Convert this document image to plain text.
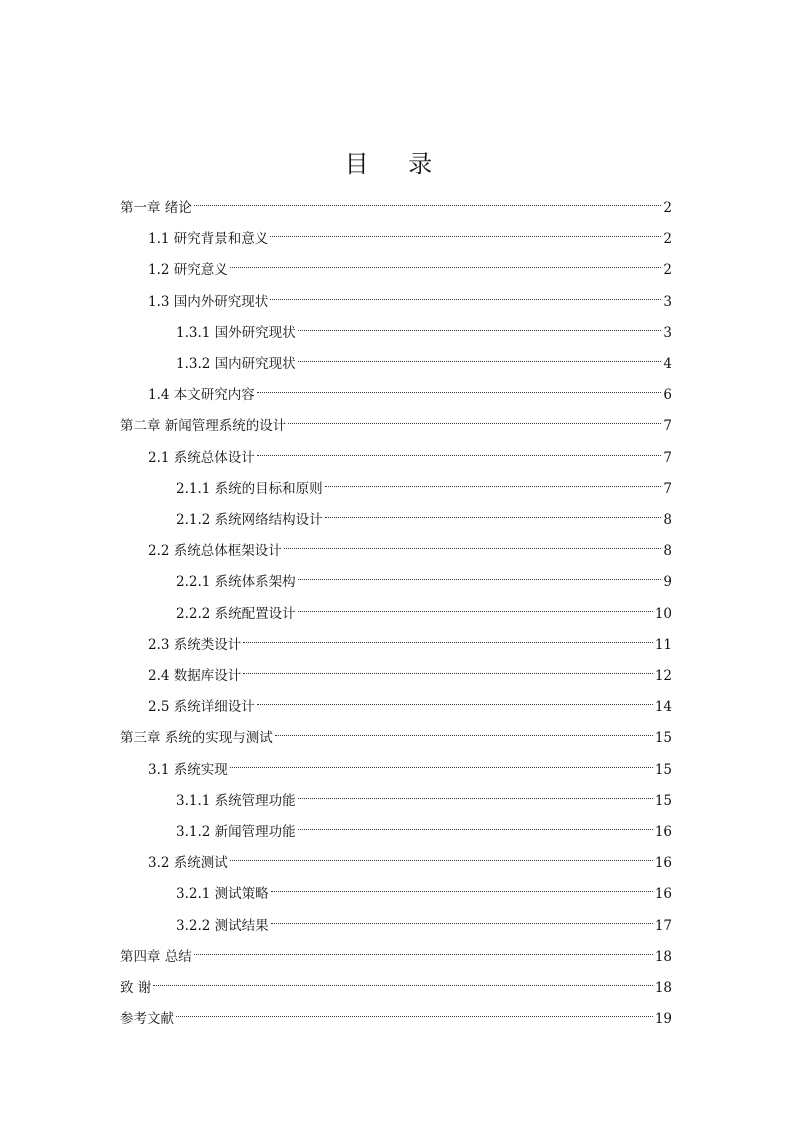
目 录
第一章 绪论	2
1.1 研究背景和意义	2
1.2 研究意义	2
1.3 国内外研究现状	3
1.3.1 国外研究现状	3
1.3.2 国内研究现状	4
1.4 本文研究内容	6
第二章 新闻管理系统的设计	7
2.1 系统总体设计	7
2.1.1 系统的目标和原则	7
2.1.2 系统网络结构设计	8
2.2 系统总体框架设计	8
2.2.1 系统体系架构	9
2.2.2 系统配置设计	10
2.3 系统类设计	11
2.4 数据库设计	12
2.5 系统详细设计	14
第三章 系统的实现与测试	15
3.1 系统实现	15
3.1.1 系统管理功能	15
3.1.2 新闻管理功能	16
3.2 系统测试	16
3.2.1 测试策略	16
3.2.2 测试结果	17
第四章 总结	18
致 谢	18
参考文献	19
